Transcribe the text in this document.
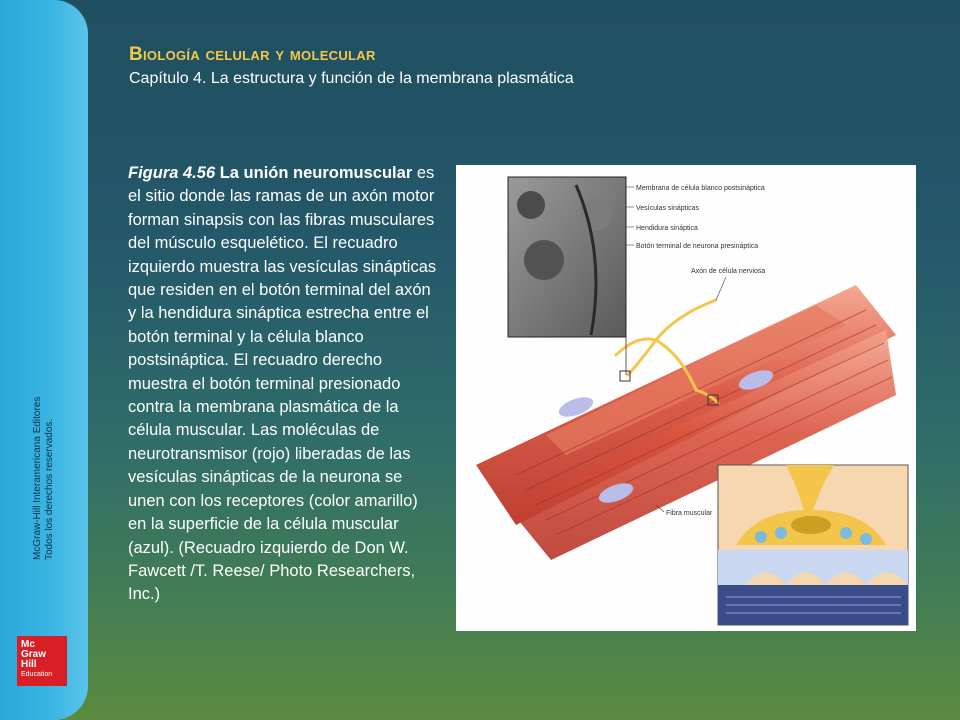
McGraw-Hill Interamericana Editores Todos los derechos reservados.
Mc
Graw
Hill
Education
Biología celular y molecular
Capítulo 4. La estructura y función de la membrana plasmática
Figura 4.56 La unión neuromuscular es el sitio donde las ramas de un axón motor forman sinapsis con las fibras musculares del músculo esquelético. El recuadro izquierdo muestra las vesículas sinápticas que residen en el botón terminal del axón y la hendidura sináptica estrecha entre el botón terminal y la célula blanco postsináptica. El recuadro derecho muestra el botón terminal presionado contra la membrana plasmática de la célula muscular. Las moléculas de neurotransmisor (rojo) liberadas de las vesículas sinápticas de la neurona se unen con los receptores (color amarillo) en la superficie de la célula muscular (azul). (Recuadro izquierdo de Don W. Fawcett /T. Reese/ Photo Researchers, Inc.)
Membrana de célula blanco postsináptica
Vesículas sinápticas
Hendidura sináptica
Botón terminal de neurona presináptica
Axón de célula nerviosa
Fibra muscular
